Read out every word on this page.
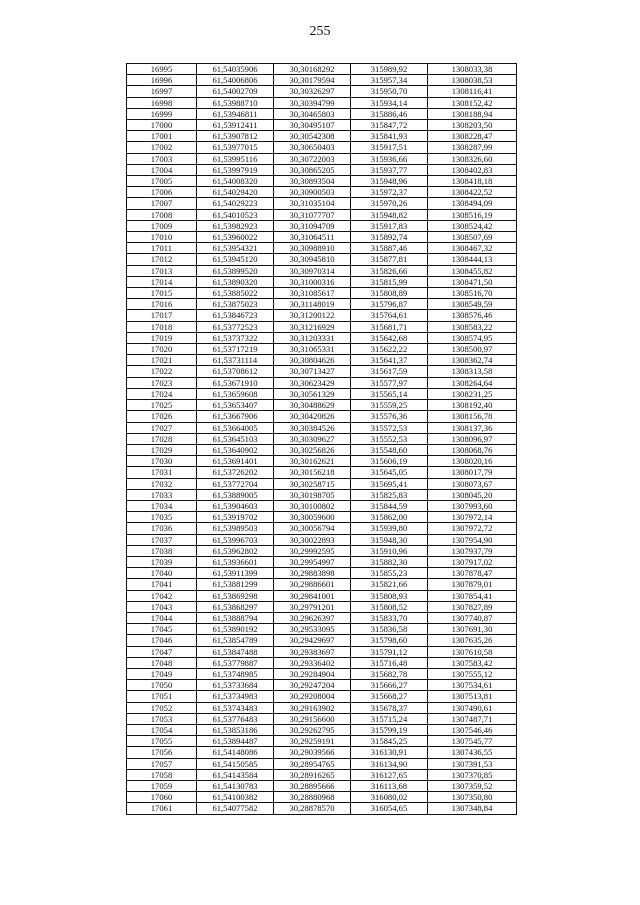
255
16995	61,54035906	30,30168292	315989,92	1308033,38
16996	61,54006806	30,30179594	315957,34	1308038,53
16997	61,54002709	30,30326297	315950,70	1308116,41
16998	61,53988710	30,30394799	315934,14	1308152,42
16999	61,53946811	30,30465803	315886,46	1308188,94
17000	61,53912411	30,30495107	315847,72	1308203,50
17001	61,53907812	30,30542308	315841,93	1308228,47
17002	61,53977015	30,30650403	315917,51	1308287,99
17003	61,53995116	30,30722003	315936,66	1308326,60
17004	61,53997919	30,30865205	315937,77	1308402,83
17005	61,54008320	30,30893504	315948,96	1308418,18
17006	61,54029420	30,30900503	315972,37	1308422,52
17007	61,54029223	30,31035104	315970,26	1308494,09
17008	61,54010523	30,31077707	315948,82	1308516,19
17009	61,53982923	30,31094709	315917,83	1308524,42
17010	61,53960022	30,31064511	315892,74	1308507,69
17011	61,53954321	30,30988910	315887,46	1308467,32
17012	61,53945120	30,30945810	315877,81	1308444,13
17013	61,53899520	30,30970314	315826,66	1308455,82
17014	61,53890320	30,31000316	315815,99	1308471,50
17015	61,53885022	30,31085617	315808,89	1308516,70
17016	61,53875023	30,31148019	315796,87	1308549,59
17017	61,53846723	30,31200122	315764,61	1308576,46
17018	61,53772523	30,31216929	315681,71	1308583,22
17019	61,53737322	30,31203331	315642,68	1308574,95
17020	61,53717219	30,31065331	315622,22	1308500,97
17021	61,53731114	30,30804626	315641,37	1308362,74
17022	61,53708612	30,30713427	315617,59	1308313,58
17023	61,53671910	30,30623429	315577,97	1308264,64
17024	61,53659608	30,30561329	315565,14	1308231,25
17025	61,53653407	30,30488629	315559,25	1308192,40
17026	61,53667906	30,30420826	315576,36	1308156,78
17027	61,53664005	30,30384526	315572,53	1308137,36
17028	61,53645103	30,30309627	315552,53	1308096,97
17029	61,53640902	30,30256826	315548,60	1308068,76
17030	61,53691401	30,30162621	315606,19	1308020,16
17031	61,53726202	30,30156218	315645,05	1308017,79
17032	61,53772704	30,30258715	315695,41	1308073,67
17033	61,53889005	30,30198705	315825,83	1308045,20
17034	61,53904603	30,30100802	315844,59	1307993,60
17035	61,53919702	30,30059600	315862,00	1307972,14
17036	61,53989503	30,30056794	315939,80	1307972,72
17037	61,53996703	30,30022893	315948,30	1307954,90
17038	61,53962802	30,29992595	315910,96	1307937,79
17039	61,53936601	30,29954997	315882,30	1307917,02
17040	61,53911399	30,29883898	315855,23	1307878,47
17041	61,53881299	30,29886601	315821,66	1307879,01
17042	61,53869298	30,29841001	315808,93	1307854,41
17043	61,53868297	30,29791201	315808,52	1307827,89
17044	61,53888794	30,29626397	315833,70	1307740,87
17045	61,53890192	30,29533095	315836,58	1307691,30
17046	61,53854789	30,29429697	315798,60	1307635,26
17047	61,53847488	30,29383697	315791,12	1307610,58
17048	61,53779887	30,29336402	315716,48	1307583,42
17049	61,53748985	30,29284904	315682,78	1307555,12
17050	61,53733684	30,29247204	315666,27	1307534,61
17051	61,53734983	30,29208004	315668,27	1307513,81
17052	61,53743483	30,29163902	315678,37	1307490,61
17053	61,53776483	30,29156600	315715,24	1307487,71
17054	61,53853186	30,29262795	315799,19	1307546,46
17055	61,53894487	30,29259191	315845,25	1307545,77
17056	61,54148086	30,29039566	316130,91	1307436,55
17057	61,54150585	30,28954765	316134,90	1307391,53
17058	61,54143584	30,28916265	316127,65	1307370,85
17059	61,54130783	30,28895666	316113,68	1307359,52
17060	61,54100382	30,28880968	316080,02	1307350,80
17061	61,54077582	30,28878570	316054,65	1307348,84
